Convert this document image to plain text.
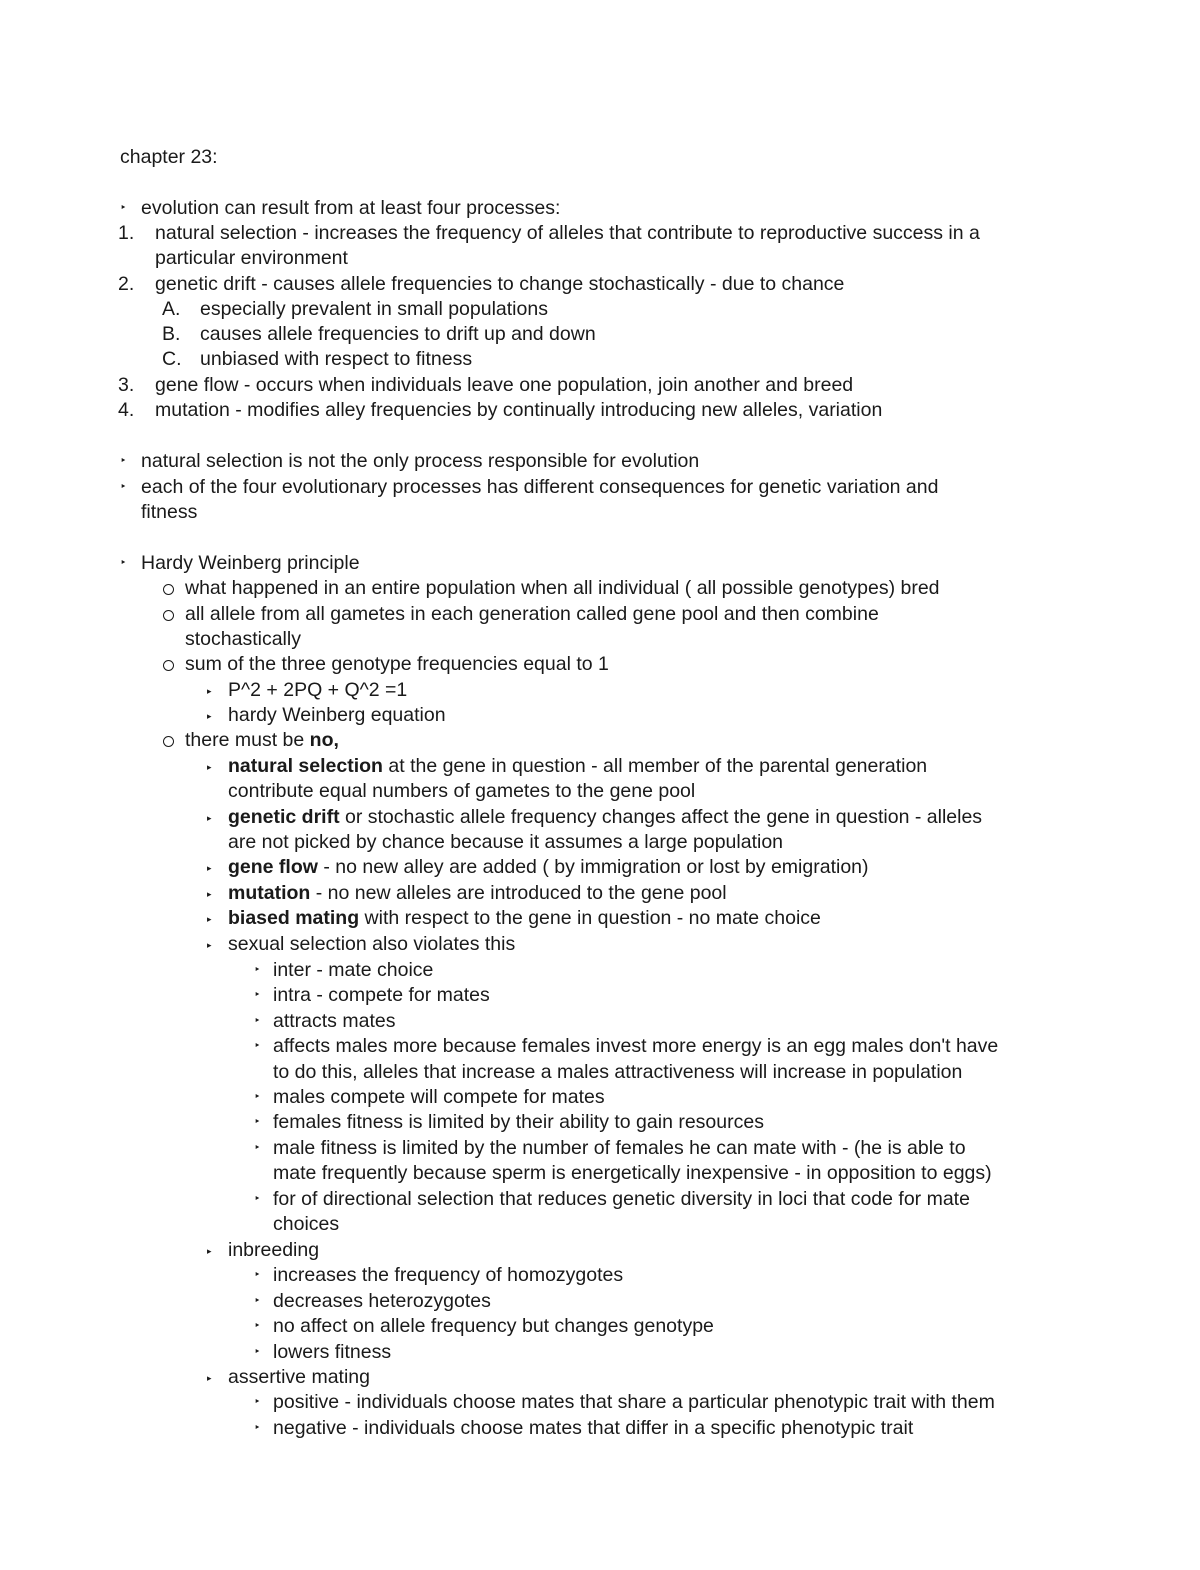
chapter 23:
‣ evolution can result from at least four processes:
1. natural selection - increases the frequency of alleles that contribute to reproductive success in a
particular environment
2. genetic drift - causes allele frequencies to change stochastically - due to chance
A. especially prevalent in small populations
B. causes allele frequencies to drift up and down
C. unbiased with respect to fitness
3. gene flow - occurs when individuals leave one population, join another and breed
4. mutation - modifies alley frequencies by continually introducing new alleles, variation
‣ natural selection is not the only process responsible for evolution
‣ each of the four evolutionary processes has different consequences for genetic variation and
fitness
‣ Hardy Weinberg principle
what happened in an entire population when all individual ( all possible genotypes) bred
all allele from all gametes in each generation called gene pool and then combine
stochastically
sum of the three genotype frequencies equal to 1
▸ P^2 + 2PQ + Q^2 =1
▸ hardy Weinberg equation
there must be no,
▸ natural selection at the gene in question - all member of the parental generation
contribute equal numbers of gametes to the gene pool
▸ genetic drift or stochastic allele frequency changes affect the gene in question - alleles
are not picked by chance because it assumes a large population
▸ gene flow - no new alley are added ( by immigration or lost by emigration)
▸ mutation - no new alleles are introduced to the gene pool
▸ biased mating with respect to the gene in question - no mate choice
▸ sexual selection also violates this
‣ inter - mate choice
‣ intra - compete for mates
‣ attracts mates
‣ affects males more because females invest more energy is an egg males don't have
to do this, alleles that increase a males attractiveness will increase in population
‣ males compete will compete for mates
‣ females fitness is limited by their ability to gain resources
‣ male fitness is limited by the number of females he can mate with - (he is able to
mate frequently because sperm is energetically inexpensive - in opposition to eggs)
‣ for of directional selection that reduces genetic diversity in loci that code for mate
choices
▸ inbreeding
‣ increases the frequency of homozygotes
‣ decreases heterozygotes
‣ no affect on allele frequency but changes genotype
‣ lowers fitness
▸ assertive mating
‣ positive - individuals choose mates that share a particular phenotypic trait with them
‣ negative - individuals choose mates that differ in a specific phenotypic trait
